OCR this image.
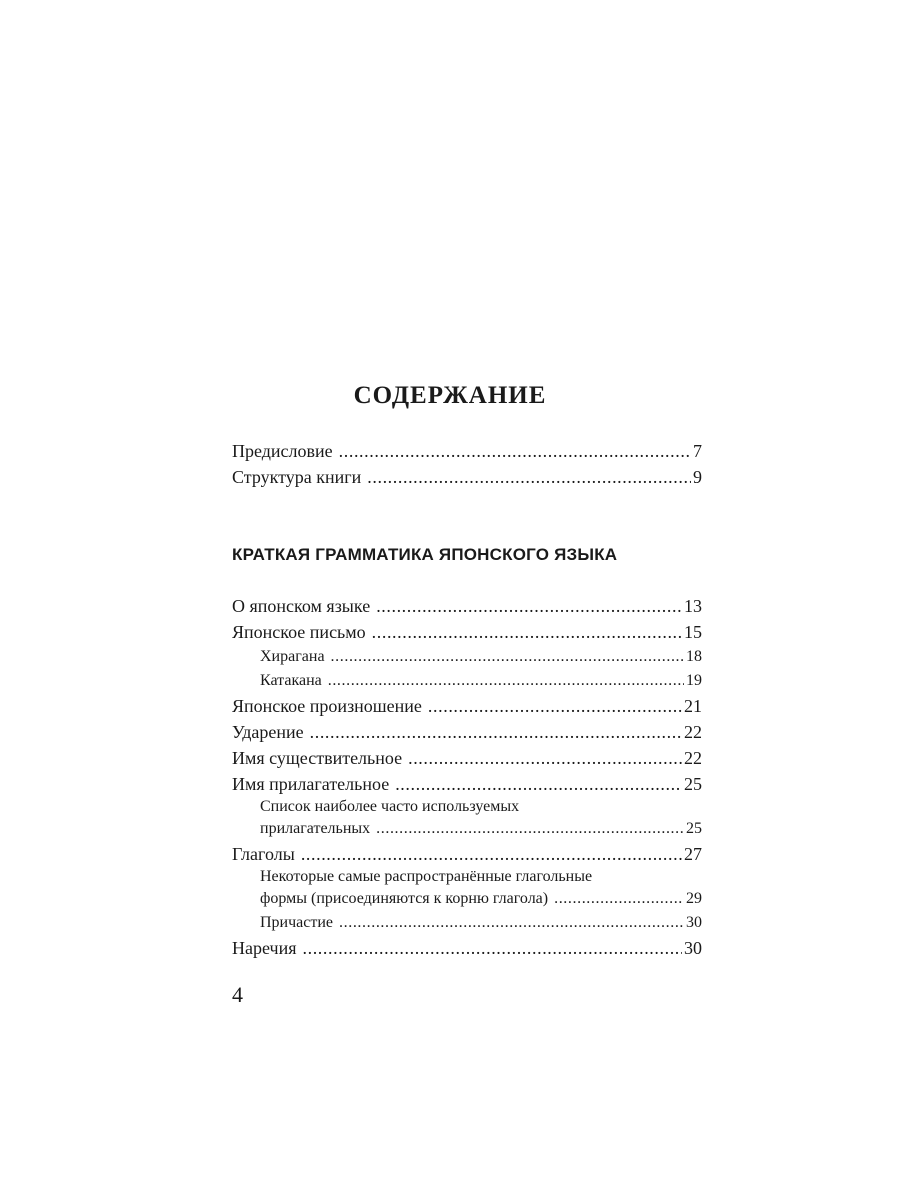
СОДЕРЖАНИЕ
Предисловие .....	7
Структура книги .....	9
КРАТКАЯ ГРАММАТИКА ЯПОНСКОГО ЯЗЫКА
О японском языке .....	13
Японское письмо .....	15
Хирагана .....	18
Катакана .....	19
Японское произношение .....	21
Ударение .....	22
Имя существительное .....	22
Имя прилагательное .....	25
Список наиболее часто используемых
прилагательных .....	25
Глаголы .....	27
Некоторые самые распространённые глагольные
формы (присоединяются к корню глагола) .....	29
Причастие .....	30
Наречия .....	30
4
